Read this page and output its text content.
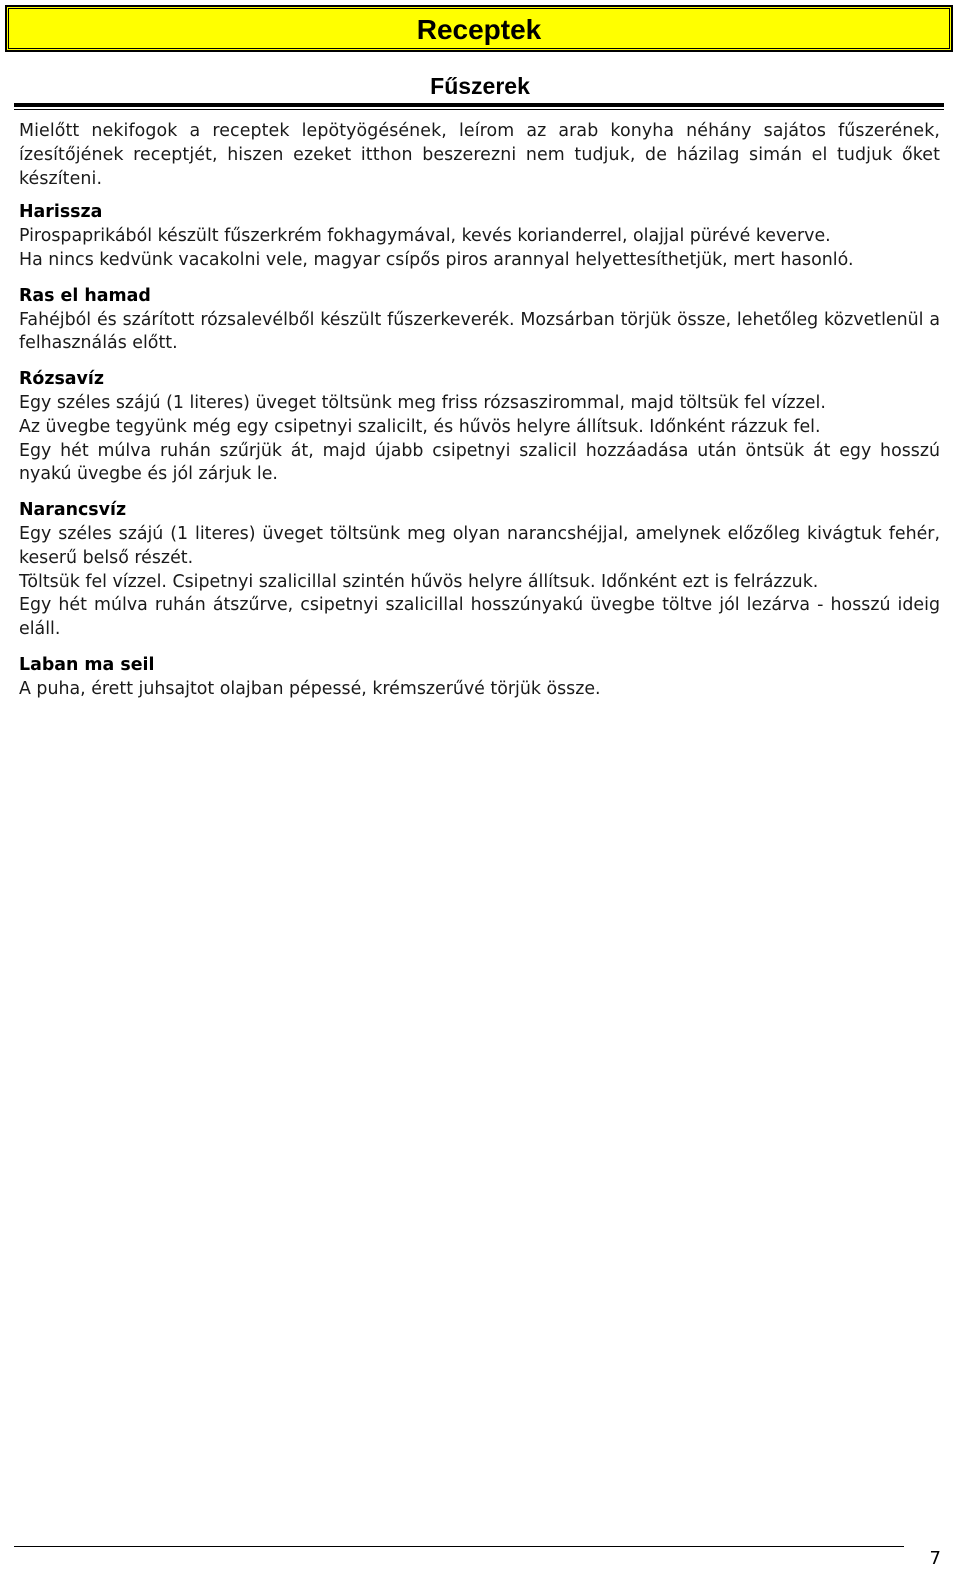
Receptek
Fűszerek

Mielőtt nekifogok a receptek lepötyögésének, leírom az arab konyha néhány sajátos fűszerének, ízesítőjének receptjét, hiszen ezeket itthon beszerezni nem tudjuk, de házilag simán el tudjuk őket készíteni.

Harissza

Pirospaprikából készült fűszerkrém fokhagymával, kevés korianderrel, olajjal pürévé keverve.

Ha nincs kedvünk vacakolni vele, magyar csípős piros arannyal helyettesíthetjük, mert hasonló.

Ras el hamad

Fahéjból és szárított rózsalevélből készült fűszerkeverék. Mozsárban törjük össze, lehetőleg közvetlenül a felhasználás előtt.

Rózsavíz

Egy széles szájú (1 literes) üveget töltsünk meg friss rózsaszirommal, majd töltsük fel vízzel.

Az üvegbe tegyünk még egy csipetnyi szalicilt, és hűvös helyre állítsuk. Időnként rázzuk fel.

Egy hét múlva ruhán szűrjük át, majd újabb csipetnyi szalicil hozzáadása után öntsük át egy hosszú nyakú üvegbe és jól zárjuk le.

Narancsvíz

Egy széles szájú (1 literes) üveget töltsünk meg olyan narancshéjjal, amelynek előzőleg kivágtuk fehér, keserű belső részét.

Töltsük fel vízzel. Csipetnyi szalicillal szintén hűvös helyre állítsuk. Időnként ezt is felrázzuk.

Egy hét múlva ruhán átszűrve, csipetnyi szalicillal hosszúnyakú üvegbe töltve jól lezárva - hosszú ideig eláll.

Laban ma seil

A puha, érett juhsajtot olajban pépessé, krémszerűvé törjük össze.

7
